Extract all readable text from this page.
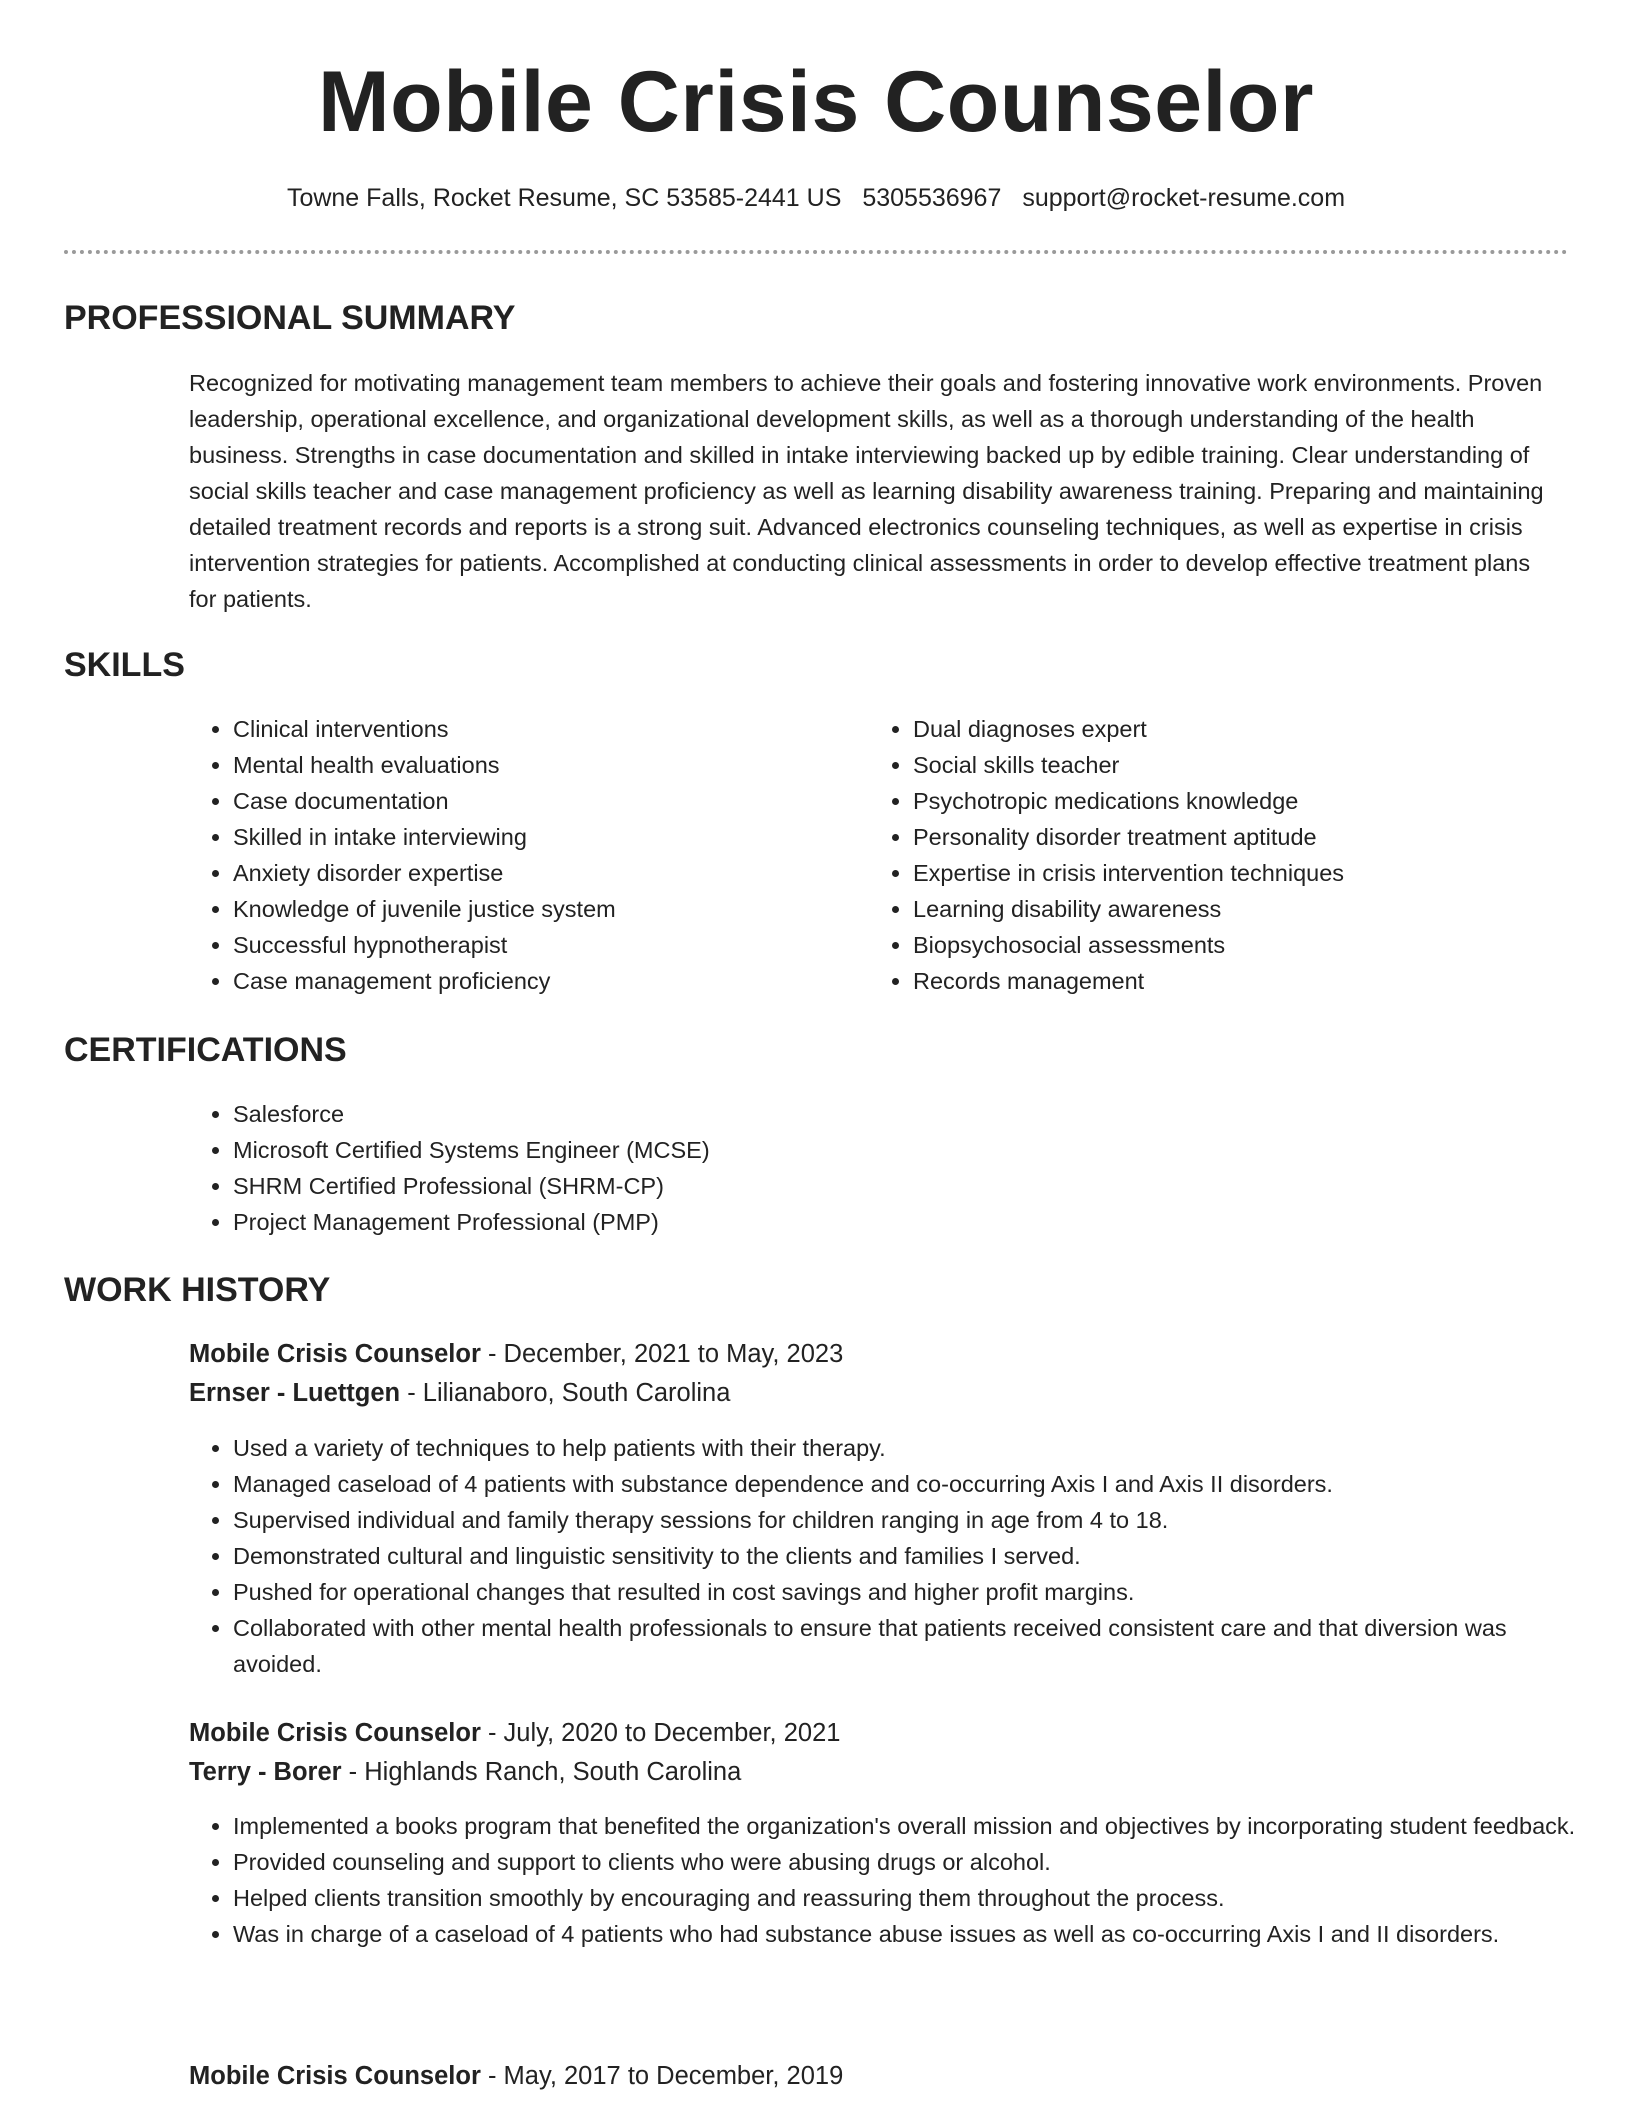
Mobile Crisis Counselor
Towne Falls, Rocket Resume, SC 53585-2441 US 5305536967 support@rocket-resume.com
PROFESSIONAL SUMMARY

Recognized for motivating management team members to achieve their goals and fostering innovative work environments. Proven leadership, operational excellence, and organizational development skills, as well as a thorough understanding of the health business. Strengths in case documentation and skilled in intake interviewing backed up by edible training. Clear understanding of social skills teacher and case management proficiency as well as learning disability awareness training. Preparing and maintaining detailed treatment records and reports is a strong suit. Advanced electronics counseling techniques, as well as expertise in crisis intervention strategies for patients. Accomplished at conducting clinical assessments in order to develop effective treatment plans for patients.

SKILLS
• Clinical interventions
• Mental health evaluations
• Case documentation
• Skilled in intake interviewing
• Anxiety disorder expertise
• Knowledge of juvenile justice system
• Successful hypnotherapist
• Case management proficiency
• Dual diagnoses expert
• Social skills teacher
• Psychotropic medications knowledge
• Personality disorder treatment aptitude
• Expertise in crisis intervention techniques
• Learning disability awareness
• Biopsychosocial assessments
• Records management
CERTIFICATIONS
• Salesforce
• Microsoft Certified Systems Engineer (MCSE)
• SHRM Certified Professional (SHRM-CP)
• Project Management Professional (PMP)
WORK HISTORY
Mobile Crisis Counselor - December, 2021 to May, 2023
Ernser - Luettgen - Lilianaboro, South Carolina
• Used a variety of techniques to help patients with their therapy.
• Managed caseload of 4 patients with substance dependence and co-occurring Axis I and Axis II disorders.
• Supervised individual and family therapy sessions for children ranging in age from 4 to 18.
• Demonstrated cultural and linguistic sensitivity to the clients and families I served.
• Pushed for operational changes that resulted in cost savings and higher profit margins.
• Collaborated with other mental health professionals to ensure that patients received consistent care and that diversion was avoided.
Mobile Crisis Counselor - July, 2020 to December, 2021
Terry - Borer - Highlands Ranch, South Carolina
• Implemented a books program that benefited the organization's overall mission and objectives by incorporating student feedback.
• Provided counseling and support to clients who were abusing drugs or alcohol.
• Helped clients transition smoothly by encouraging and reassuring them throughout the process.
• Was in charge of a caseload of 4 patients who had substance abuse issues as well as co-occurring Axis I and II disorders.
Mobile Crisis Counselor - May, 2017 to December, 2019
